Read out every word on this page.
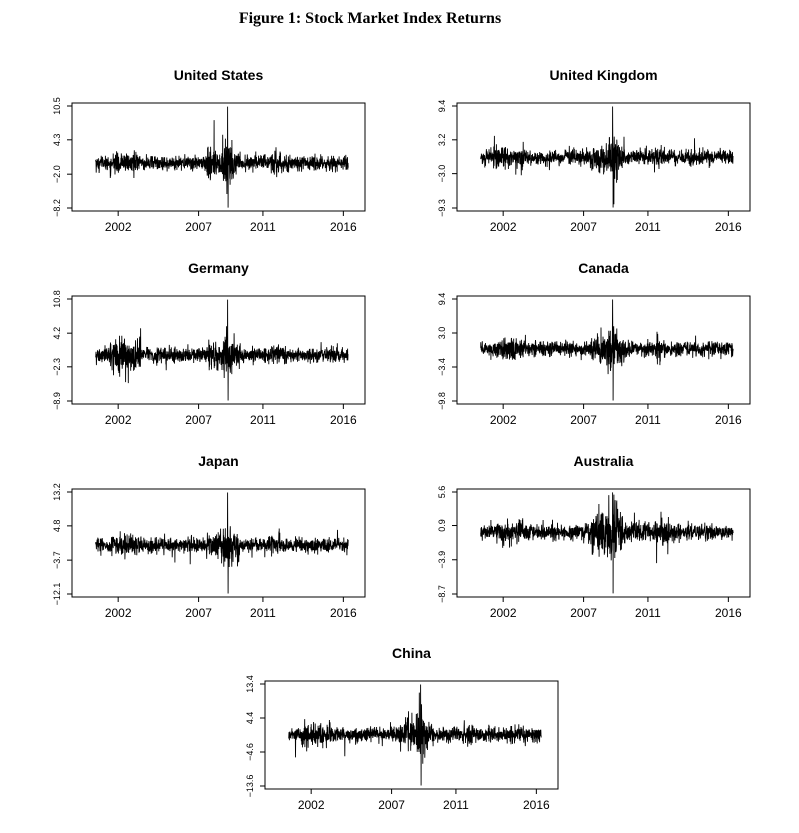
Figure 1: Stock Market Index Returns
United States
10.5
4.3
−2.0
−8.2
2002	2007	2011	2016
United Kingdom
9.4
3.2
−3.0
−9.3
2002	2007	2011	2016
Germany
10.8
4.2
−2.3
−8.9
2002	2007	2011	2016
Canada
9.4
3.0
−3.4
−9.8
2002	2007	2011	2016
Japan
13.2
4.8
−3.7
−12.1
2002	2007	2011	2016
Australia
5.6
0.9
−3.9
−8.7
2002	2007	2011	2016
China
13.4
4.4
−4.6
−13.6
2002	2007	2011	2016
